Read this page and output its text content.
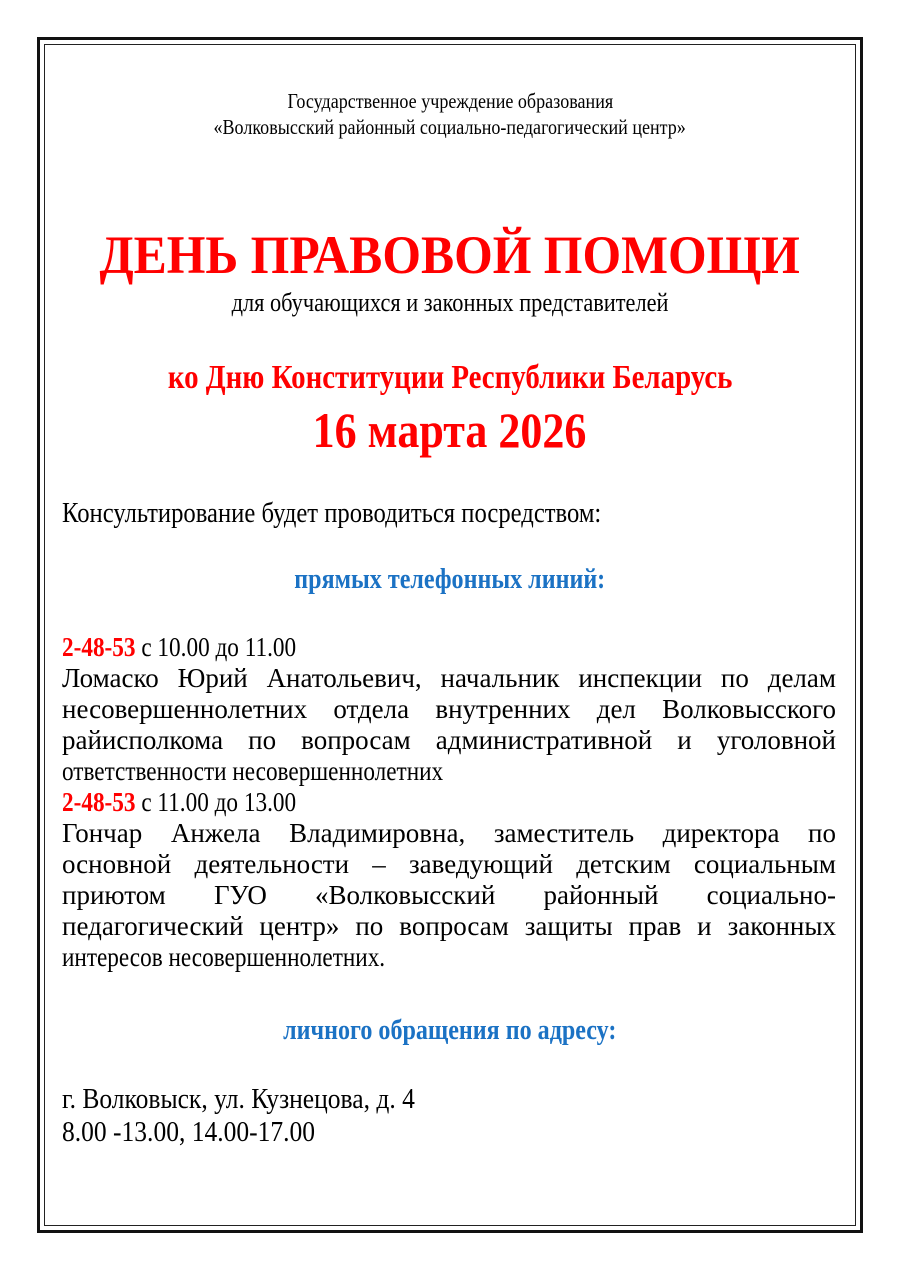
Государственное учреждение образования
«Волковысский районный социально-педагогический центр»
ДЕНЬ ПРАВОВОЙ ПОМОЩИ
для обучающихся и законных представителей
ко Дню Конституции Республики Беларусь
16 марта 2026
Консультирование будет проводиться посредством:
прямых телефонных линий:
2-48-53 с 10.00 до 11.00
Ломаско Юрий Анатольевич, начальник инспекции по делам
несовершеннолетних отдела внутренних дел Волковысского
райисполкома по вопросам административной и уголовной
ответственности несовершеннолетних
2-48-53 с 11.00 до 13.00
Гончар Анжела Владимировна, заместитель директора по
основной деятельности – заведующий детским социальным
приютом ГУО «Волковысский районный социально-
педагогический центр» по вопросам защиты прав и законных
интересов несовершеннолетних.
личного обращения по адресу:
г. Волковыск, ул. Кузнецова, д. 4
8.00 -13.00, 14.00-17.00
